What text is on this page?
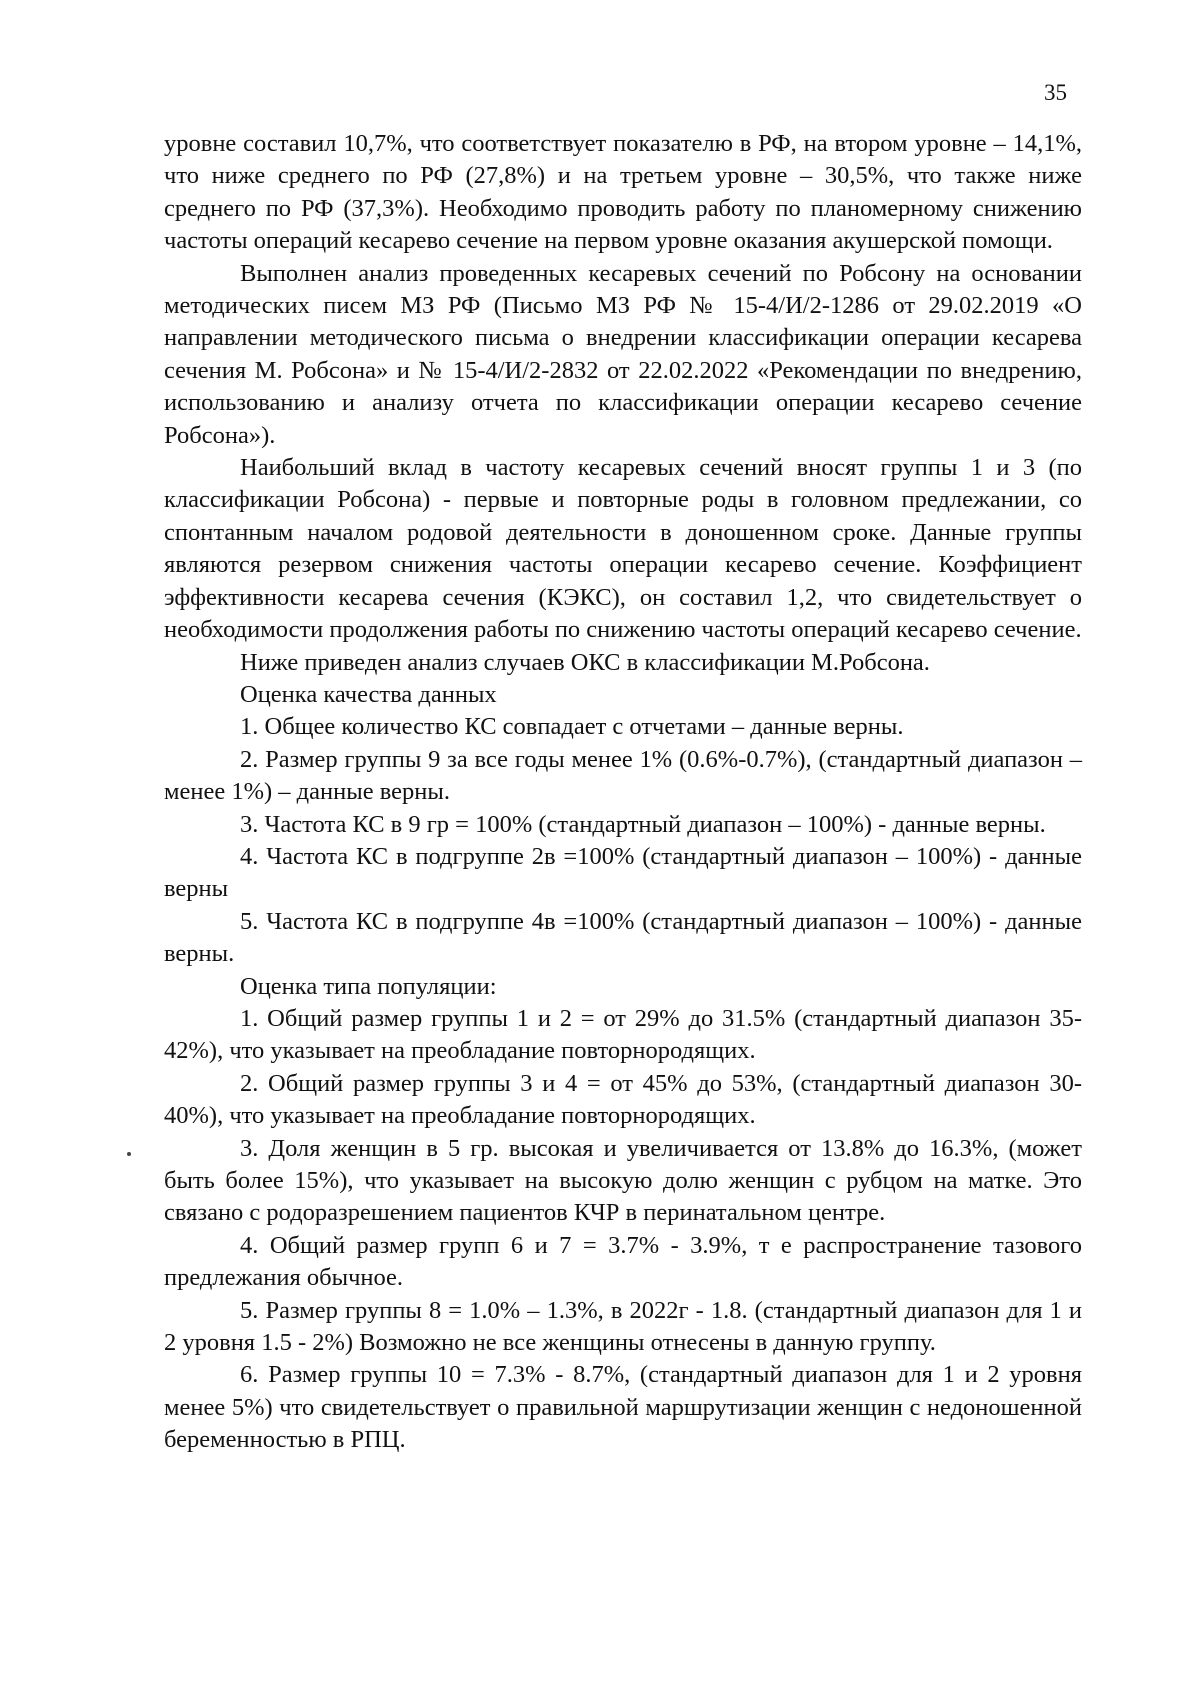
35

уровне составил 10,7%, что соответствует показателю в РФ, на втором уровне – 14,1%, что ниже среднего по РФ (27,8%) и на третьем уровне – 30,5%, что также ниже среднего по РФ (37,3%). Необходимо проводить работу по планомерному снижению частоты операций кесарево сечение на первом уровне оказания акушерской помощи.

Выполнен анализ проведенных кесаревых сечений по Робсону на основании методических писем МЗ РФ (Письмо МЗ РФ № 15-4/И/2-1286 от 29.02.2019 «О направлении методического письма о внедрении классификации операции кесарева сечения М. Робсона» и № 15-4/И/2-2832 от 22.02.2022 «Рекомендации по внедрению, использованию и анализу отчета по классификации операции кесарево сечение Робсона»).

Наибольший вклад в частоту кесаревых сечений вносят группы 1 и 3 (по классификации Робсона) - первые и повторные роды в головном предлежании, со спонтанным началом родовой деятельности в доношенном сроке. Данные группы являются резервом снижения частоты операции кесарево сечение. Коэффициент эффективности кесарева сечения (КЭКС), он составил 1,2, что свидетельствует о необходимости продолжения работы по снижению частоты операций кесарево сечение.

Ниже приведен анализ случаев ОКС в классификации М.Робсона.

Оценка качества данных

1. Общее количество КС совпадает с отчетами – данные верны.

2. Размер группы 9 за все годы менее 1% (0.6%-0.7%), (стандартный диапазон – менее 1%) – данные верны.

3. Частота КС в 9 гр = 100% (стандартный диапазон – 100%) - данные верны.

4. Частота КС в подгруппе 2в =100% (стандартный диапазон – 100%) - данные верны

5. Частота КС в подгруппе 4в =100% (стандартный диапазон – 100%) - данные верны.

Оценка типа популяции:

1. Общий размер группы 1 и 2 = от 29% до 31.5% (стандартный диапазон 35-42%), что указывает на преобладание повторнородящих.

2. Общий размер группы 3 и 4 = от 45% до 53%, (стандартный диапазон 30-40%), что указывает на преобладание повторнородящих.

3. Доля женщин в 5 гр. высокая и увеличивается от 13.8% до 16.3%, (может быть более 15%), что указывает на высокую долю женщин с рубцом на матке. Это связано с родоразрешением пациентов КЧР в перинатальном центре.

4. Общий размер групп 6 и 7 = 3.7% - 3.9%, т е распространение тазового предлежания обычное.

5. Размер группы 8 = 1.0% – 1.3%, в 2022г - 1.8. (стандартный диапазон для 1 и 2 уровня 1.5 - 2%) Возможно не все женщины отнесены в данную группу.

6. Размер группы 10 = 7.3% - 8.7%, (стандартный диапазон для 1 и 2 уровня менее 5%) что свидетельствует о правильной маршрутизации женщин с недоношенной беременностью в РПЦ.
